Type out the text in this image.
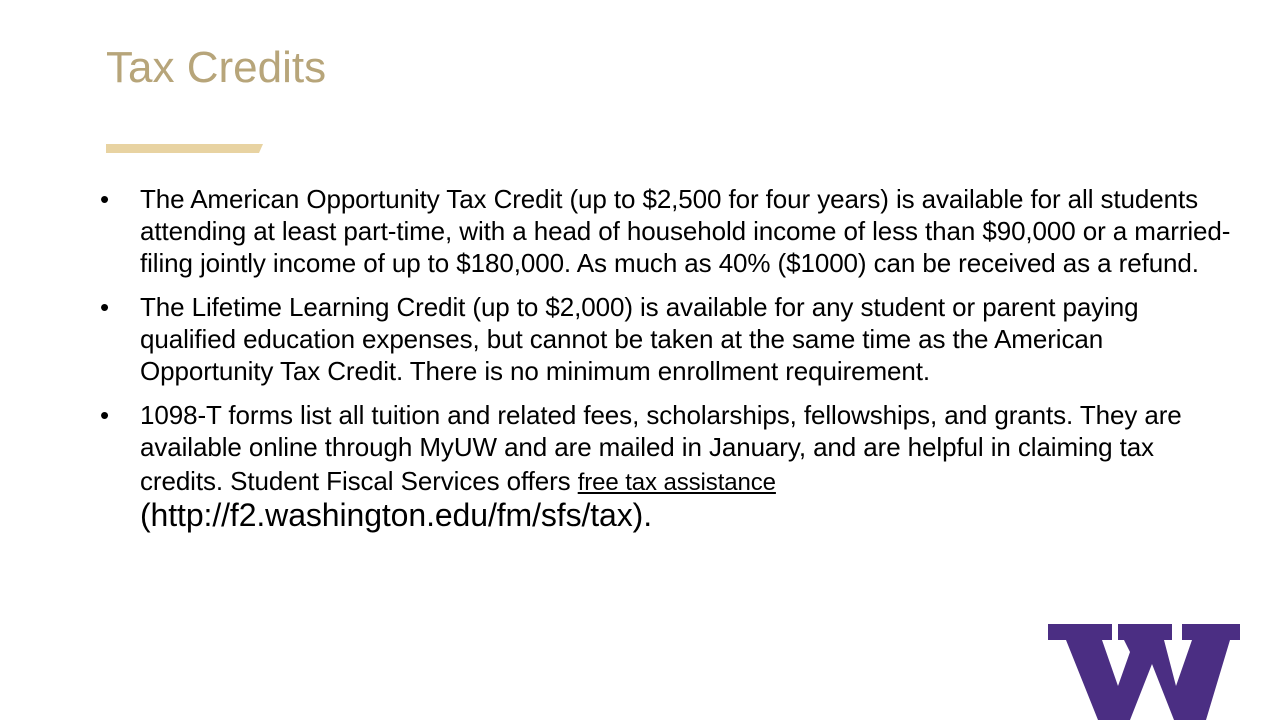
Tax Credits
•	The American Opportunity Tax Credit (up to $2,500 for four years) is available for all students attending at least part-time, with a head of household income of less than $90,000 or a married-filing jointly income of up to $180,000. As much as 40% ($1000) can be received as a refund.
•	The Lifetime Learning Credit (up to $2,000) is available for any student or parent paying qualified education expenses, but cannot be taken at the same time as the American Opportunity Tax Credit. There is no minimum enrollment requirement.
•	1098-T forms list all tuition and related fees, scholarships, fellowships, and grants. They are available online through MyUW and are mailed in January, and are helpful in claiming tax credits. Student Fiscal Services offers free tax assistance (http://f2.washington.edu/fm/sfs/tax).
